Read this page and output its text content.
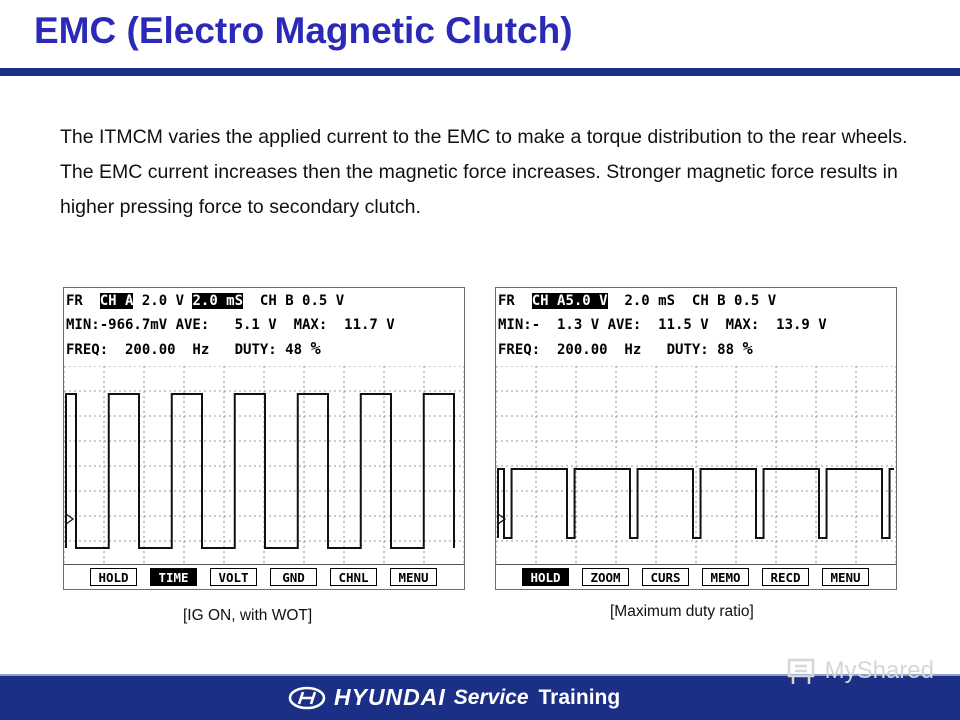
EMC (Electro Magnetic Clutch)

The ITMCM varies the applied current to the EMC to make a torque distribution to the rear wheels.

The EMC current increases then the magnetic force increases. Stronger magnetic force results in higher pressing force to secondary clutch.

FR CH A 2.0 V 2.0 mS CH B 0.5 V
MIN:-966.7mV AVE:   5.1 V  MAX:  11.7 V
FREQ:  200.00  Hz DUTY: 48 %
HOLD	TIME	VOLT	GND	CHNL	MENU
[IG ON, with WOT]
FR CH A5.0 V 2.0 mS CH B 0.5 V
MIN:-  1.3 V AVE:  11.5 V  MAX:  13.9 V
FREQ:  200.00  Hz DUTY: 88 %
HOLD	ZOOM	CURS	MEMO	RECD	MENU
[Maximum duty ratio]
HYUNDAI Service Training
MyShared
